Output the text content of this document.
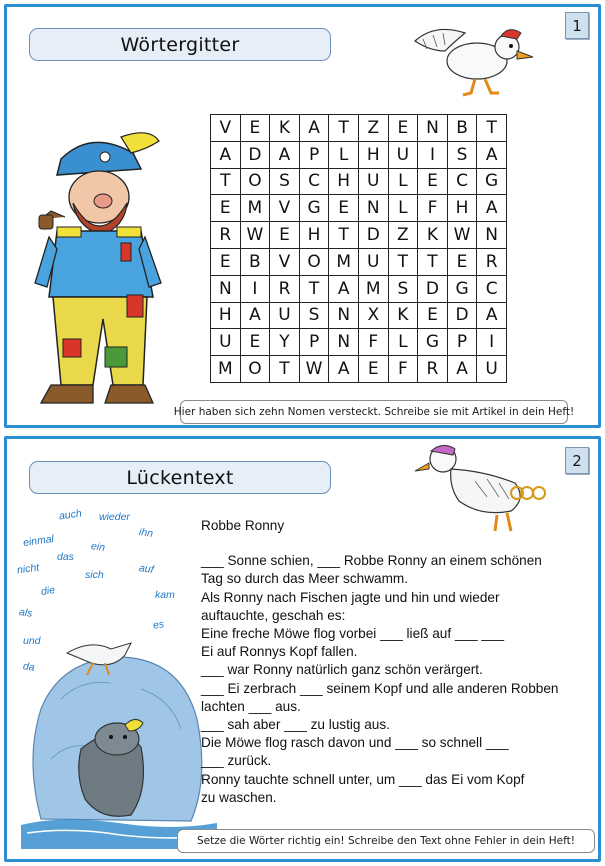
Wörtergitter
1
V	E	K	A	T	Z	E	N	B	T
A	D	A	P	L	H U	I	S	A
T	O	S	C	H U	L	E	C	G
E M V	G	E	N	L	F	H	A
R W E	H	T	D	Z	K W N
E	B	V	O M U	T	T	E	R
N	I	R	T	A M S	D G	C
H	A	U	S	N	X	K	E	D	A
U	E	Y	P	N	F	L	G	P	I
M O	T W A	E	F	R	A	U
Hier haben sich zehn Nomen versteckt. Schreibe sie mit Artikel in dein Heft!
Lückentext
2
auch wieder
ihn
einmal
das
ein
nicht	sich	auf
die	kam
als
es
und
da

Robbe Ronny

___ Sonne schien, ___ Robbe Ronny an einem schönen

Tag so durch das Meer schwamm.

Als Ronny nach Fischen jagte und hin und wieder

auftauchte, geschah es:

Eine freche Möwe flog vorbei ___ ließ auf ___ ___

Ei auf Ronnys Kopf fallen.

___ war Ronny natürlich ganz schön verärgert.

___ Ei zerbrach ___ seinem Kopf und alle anderen Robben

lachten ___ aus.

___ sah aber ___ zu lustig aus.

Die Möwe flog rasch davon und ___ so schnell ___

___ zurück.

Ronny tauchte schnell unter, um ___ das Ei vom Kopf

zu waschen.

Setze die Wörter richtig ein! Schreibe den Text ohne Fehler in dein Heft!
